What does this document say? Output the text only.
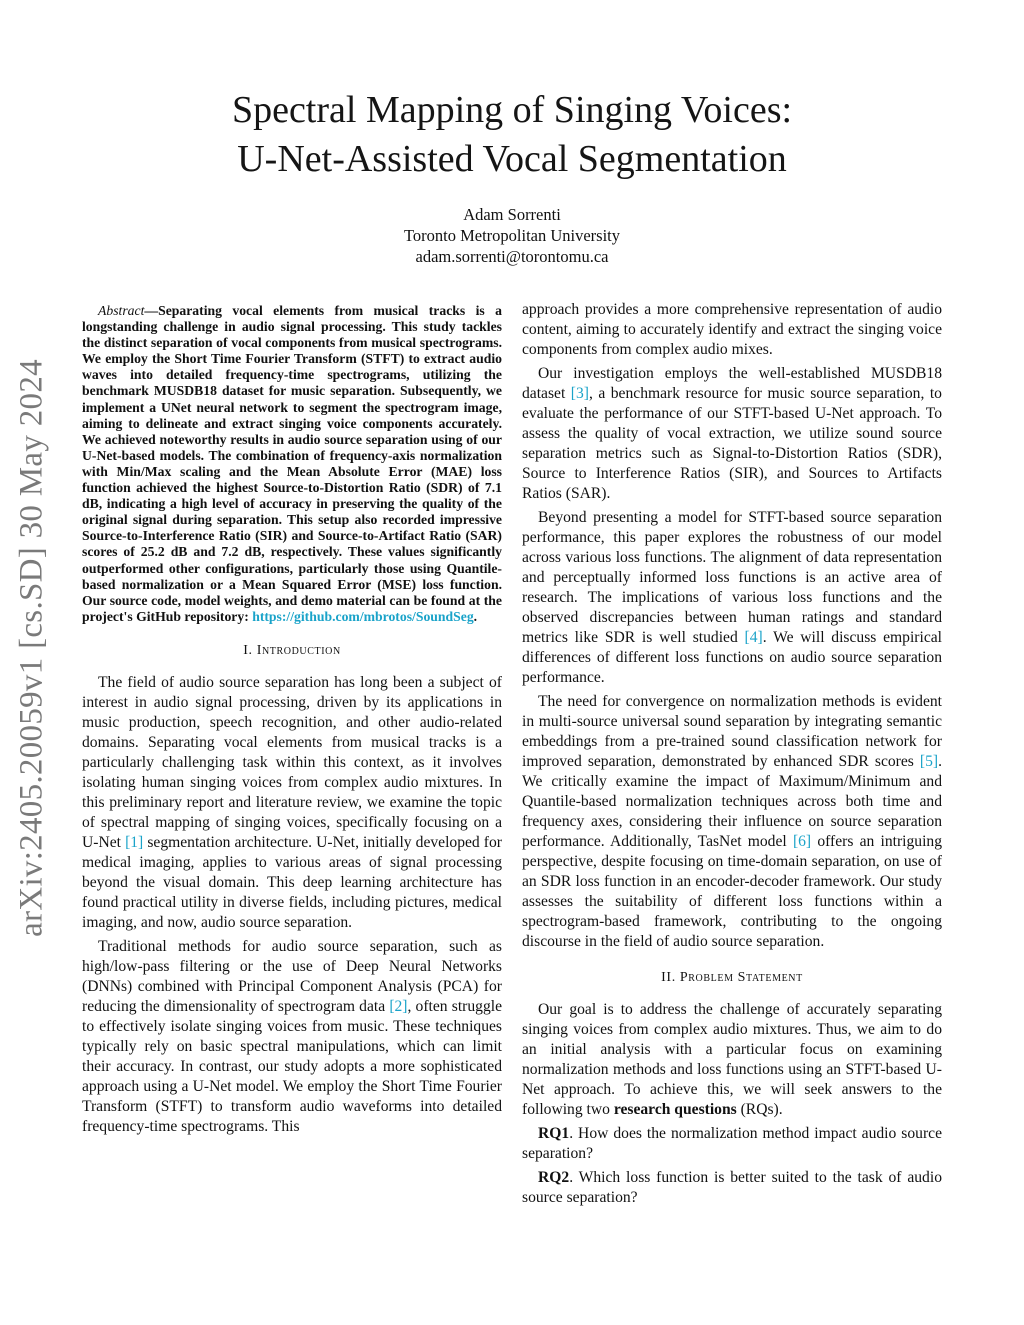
arXiv:2405.20059v1 [cs.SD] 30 May 2024
Spectral Mapping of Singing Voices:
U-Net-Assisted Vocal Segmentation
Adam Sorrenti
Toronto Metropolitan University
adam.sorrenti@torontomu.ca

Abstract—Separating vocal elements from musical tracks is a longstanding challenge in audio signal processing. This study tackles the distinct separation of vocal components from musical spectrograms. We employ the Short Time Fourier Transform (STFT) to extract audio waves into detailed frequency-time spectrograms, utilizing the benchmark MUSDB18 dataset for music separation. Subsequently, we implement a UNet neural network to segment the spectrogram image, aiming to delineate and extract singing voice components accurately. We achieved noteworthy results in audio source separation using of our U-Net-based models. The combination of frequency-axis normalization with Min/Max scaling and the Mean Absolute Error (MAE) loss function achieved the highest Source-to-Distortion Ratio (SDR) of 7.1 dB, indicating a high level of accuracy in preserving the quality of the original signal during separation. This setup also recorded impressive Source-to-Interference Ratio (SIR) and Source-to-Artifact Ratio (SAR) scores of 25.2 dB and 7.2 dB, respectively. These values significantly outperformed other configurations, particularly those using Quantile-based normalization or a Mean Squared Error (MSE) loss function. Our source code, model weights, and demo material can be found at the project's GitHub repository: https://github.com/mbrotos/SoundSeg.

I. Introduction

The field of audio source separation has long been a subject of interest in audio signal processing, driven by its applications in music production, speech recognition, and other audio-related domains. Separating vocal elements from musical tracks is a particularly challenging task within this context, as it involves isolating human singing voices from complex audio mixtures. In this preliminary report and literature review, we examine the topic of spectral mapping of singing voices, specifically focusing on a U-Net [1] segmentation architecture. U-Net, initially developed for medical imaging, applies to various areas of signal processing beyond the visual domain. This deep learning architecture has found practical utility in diverse fields, including pictures, medical imaging, and now, audio source separation.

Traditional methods for audio source separation, such as high/low-pass filtering or the use of Deep Neural Networks (DNNs) combined with Principal Component Analysis (PCA) for reducing the dimensionality of spectrogram data [2], often struggle to effectively isolate singing voices from music. These techniques typically rely on basic spectral manipulations, which can limit their accuracy. In contrast, our study adopts a more sophisticated approach using a U-Net model. We employ the Short Time Fourier Transform (STFT) to transform audio waveforms into detailed frequency-time spectrograms. This

approach provides a more comprehensive representation of audio content, aiming to accurately identify and extract the singing voice components from complex audio mixes.

Our investigation employs the well-established MUSDB18 dataset [3], a benchmark resource for music source separation, to evaluate the performance of our STFT-based U-Net approach. To assess the quality of vocal extraction, we utilize sound source separation metrics such as Signal-to-Distortion Ratios (SDR), Source to Interference Ratios (SIR), and Sources to Artifacts Ratios (SAR).

Beyond presenting a model for STFT-based source separation performance, this paper explores the robustness of our model across various loss functions. The alignment of data representation and perceptually informed loss functions is an active area of research. The implications of various loss functions and the observed discrepancies between human ratings and standard metrics like SDR is well studied [4]. We will discuss empirical differences of different loss functions on audio source separation performance.

The need for convergence on normalization methods is evident in multi-source universal sound separation by integrating semantic embeddings from a pre-trained sound classification network for improved separation, demonstrated by enhanced SDR scores [5]. We critically examine the impact of Maximum/Minimum and Quantile-based normalization techniques across both time and frequency axes, considering their influence on source separation performance. Additionally, TasNet model [6] offers an intriguing perspective, despite focusing on time-domain separation, on use of an SDR loss function in an encoder-decoder framework. Our study assesses the suitability of different loss functions within a spectrogram-based framework, contributing to the ongoing discourse in the field of audio source separation.

II. Problem Statement

Our goal is to address the challenge of accurately separating singing voices from complex audio mixtures. Thus, we aim to do an initial analysis with a particular focus on examining normalization methods and loss functions using an STFT-based U-Net approach. To achieve this, we will seek answers to the following two research questions (RQs).

RQ1. How does the normalization method impact audio source separation?

RQ2. Which loss function is better suited to the task of audio source separation?
